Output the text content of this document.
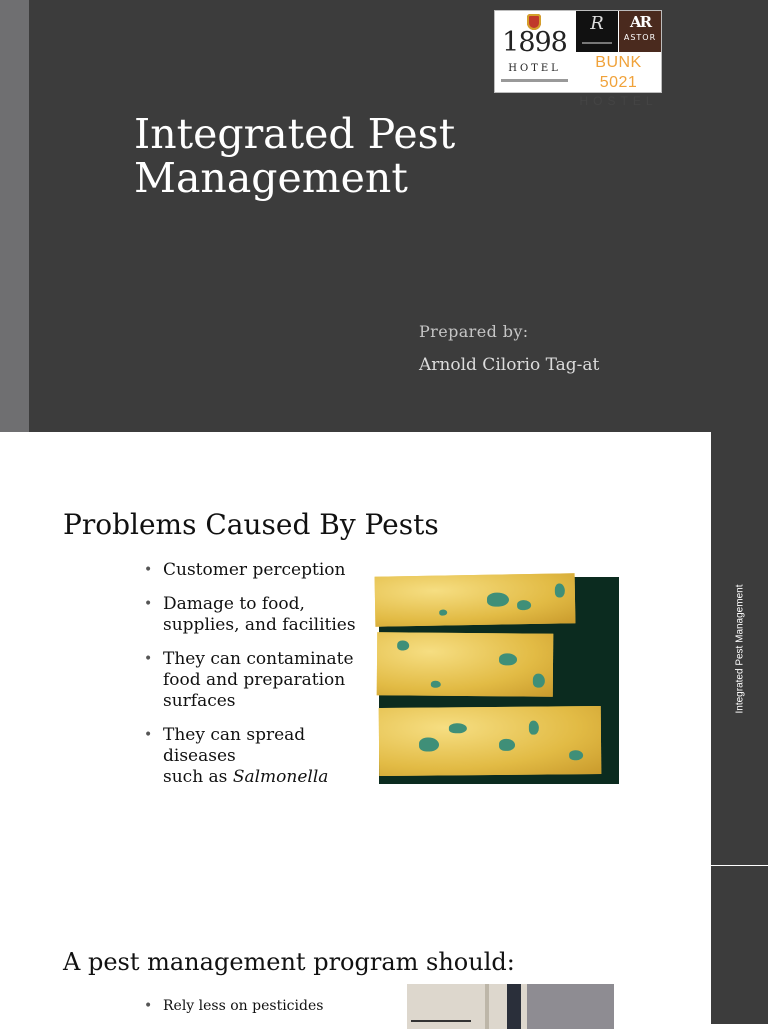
1898
HOTEL
R	AR
ASTOR
BUNK 5021
HOSTEL
Integrated Pest
Management
Prepared by:
Arnold Cilorio Tag-at
Problems Caused By Pests
• Customer perception
• Damage to food, supplies, and facilities
• They can contaminate food and preparation surfaces
• They can spread diseases
such as Salmonella
Integrated Pest Management
A pest management program should:
• Rely less on pesticides
